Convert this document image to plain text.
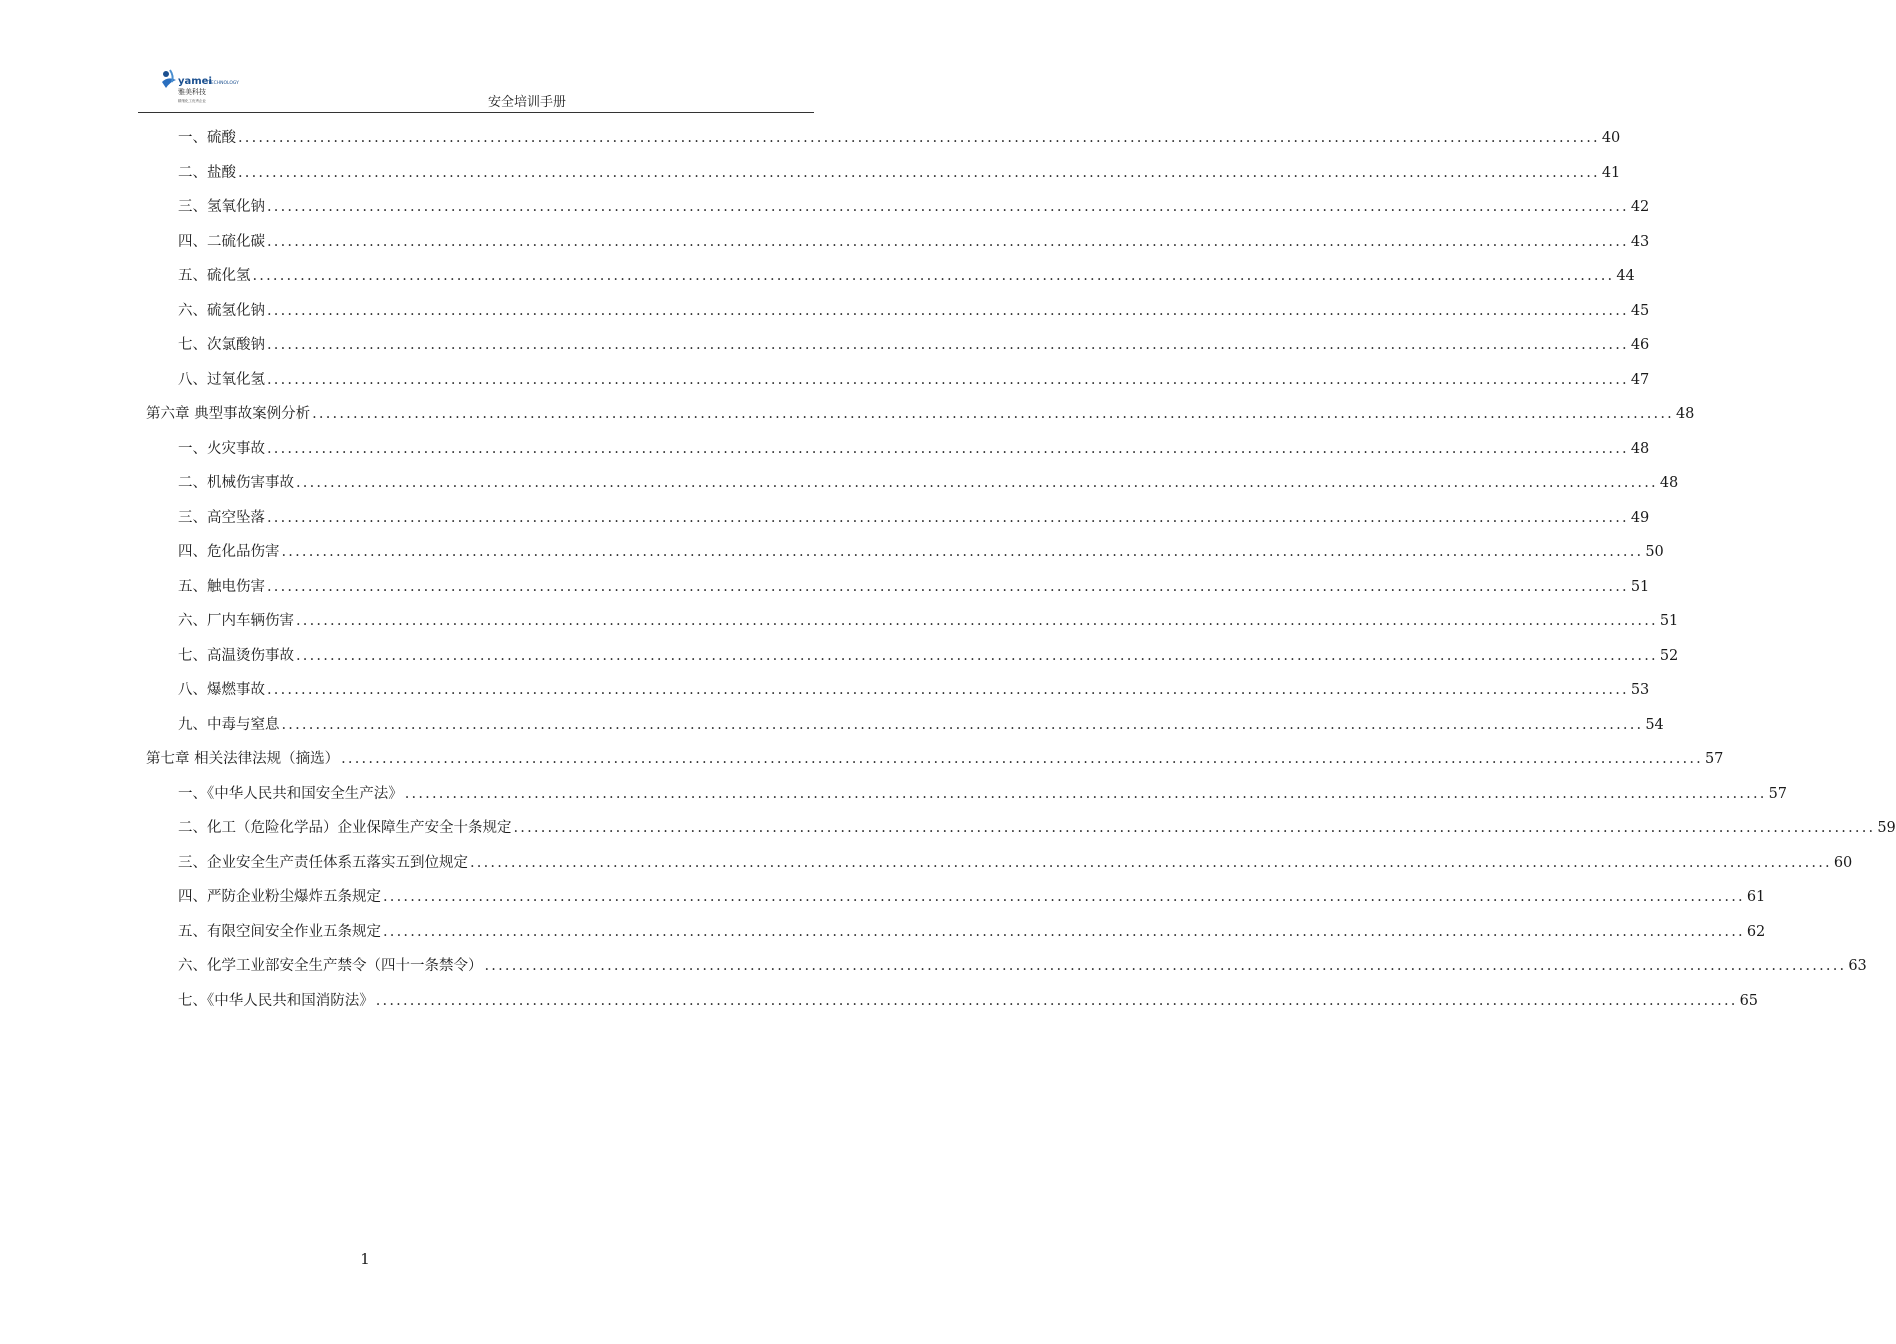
yamei
TECHNOLOGY
雅美科技
精细化工优秀企业	安全培训手册
一、硫酸 ........................................................................................................................................................................................................ 40
二、盐酸 ........................................................................................................................................................................................................ 41
三、氢氧化钠 ........................................................................................................................................................................................................ 42
四、二硫化碳 ........................................................................................................................................................................................................ 43
五、硫化氢 ........................................................................................................................................................................................................ 44
六、硫氢化钠 ........................................................................................................................................................................................................ 45
七、次氯酸钠 ........................................................................................................................................................................................................ 46
八、过氧化氢 ........................................................................................................................................................................................................ 47
第六章 典型事故案例分析 ........................................................................................................................................................................................................ 48
一、火灾事故 ........................................................................................................................................................................................................ 48
二、机械伤害事故 ........................................................................................................................................................................................................ 48
三、高空坠落 ........................................................................................................................................................................................................ 49
四、危化品伤害 ........................................................................................................................................................................................................ 50
五、触电伤害 ........................................................................................................................................................................................................ 51
六、厂内车辆伤害 ........................................................................................................................................................................................................ 51
七、高温烫伤事故 ........................................................................................................................................................................................................ 52
八、爆燃事故 ........................................................................................................................................................................................................ 53
九、中毒与窒息 ........................................................................................................................................................................................................ 54
第七章 相关法律法规（摘选） ........................................................................................................................................................................................................ 57
一、《中华人民共和国安全生产法》 ........................................................................................................................................................................................................ 57
二、化工（危险化学品）企业保障生产安全十条规定 ........................................................................................................................................................................................................ 59
三、企业安全生产责任体系五落实五到位规定 ........................................................................................................................................................................................................ 60
四、严防企业粉尘爆炸五条规定 ........................................................................................................................................................................................................ 61
五、有限空间安全作业五条规定 ........................................................................................................................................................................................................ 62
六、化学工业部安全生产禁令（四十一条禁令） ........................................................................................................................................................................................................ 63
七、《中华人民共和国消防法》 ........................................................................................................................................................................................................ 65
1
